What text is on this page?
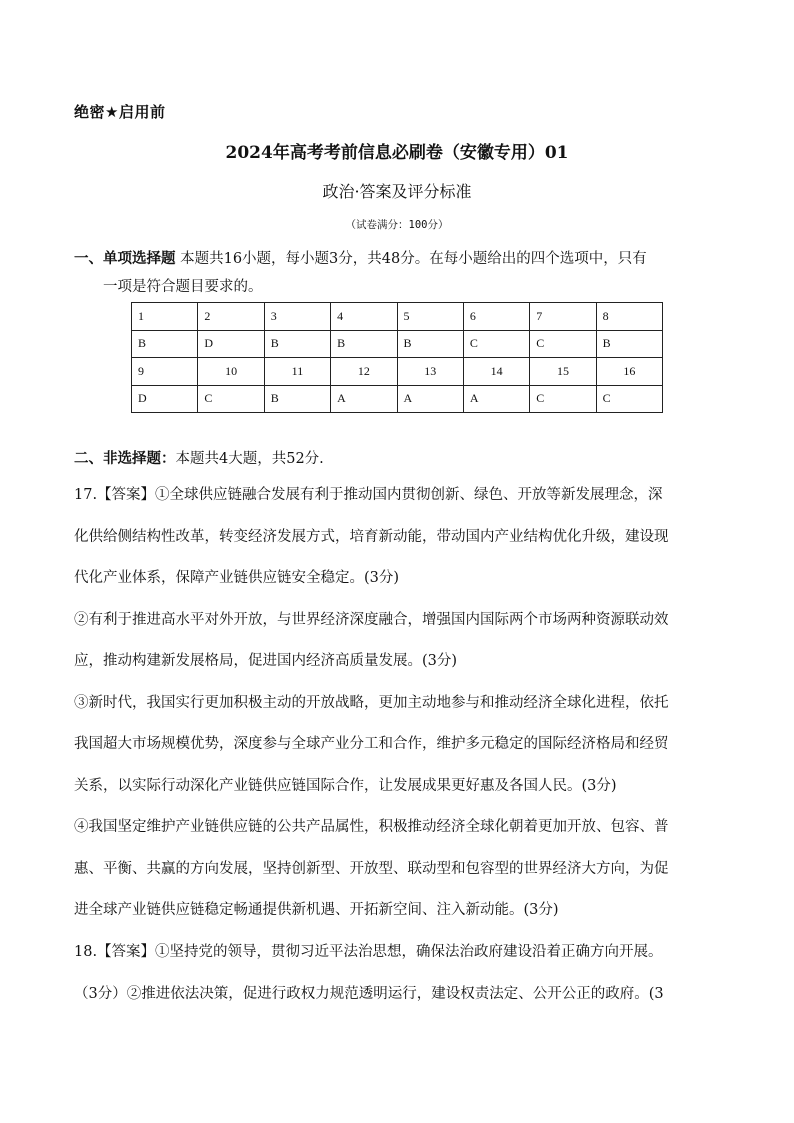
绝密★启用前
2024年高考考前信息必刷卷（安徽专用）01
政治·答案及评分标准
（试卷满分：100分）
一、单项选择题 本题共16小题，每小题3分，共48分。在每小题给出的四个选项中，只有
一项是符合题目要求的。
1	2	3	4	5	6	7	8
B	D	B	B	B	C	C	B
9	10	11	12	13	14	15	16
D	C	B	A	A	A	C	C
二、非选择题：本题共4大题，共52分.
17.【答案】①全球供应链融合发展有利于推动国内贯彻创新、绿色、开放等新发展理念，深
化供给侧结构性改革，转变经济发展方式，培育新动能，带动国内产业结构优化升级，建设现
代化产业体系，保障产业链供应链安全稳定。(3分)
②有利于推进高水平对外开放，与世界经济深度融合，增强国内国际两个市场两种资源联动效
应，推动构建新发展格局，促进国内经济高质量发展。(3分)
③新时代，我国实行更加积极主动的开放战略，更加主动地参与和推动经济全球化进程，依托
我国超大市场规模优势，深度参与全球产业分工和合作，维护多元稳定的国际经济格局和经贸
关系，以实际行动深化产业链供应链国际合作，让发展成果更好惠及各国人民。(3分)
④我国坚定维护产业链供应链的公共产品属性，积极推动经济全球化朝着更加开放、包容、普
惠、平衡、共赢的方向发展，坚持创新型、开放型、联动型和包容型的世界经济大方向，为促
进全球产业链供应链稳定畅通提供新机遇、开拓新空间、注入新动能。(3分)
18.【答案】①坚持党的领导，贯彻习近平法治思想，确保法治政府建设沿着正确方向开展。
（3分）②推进依法决策，促进行政权力规范透明运行，建设权责法定、公开公正的政府。(3
